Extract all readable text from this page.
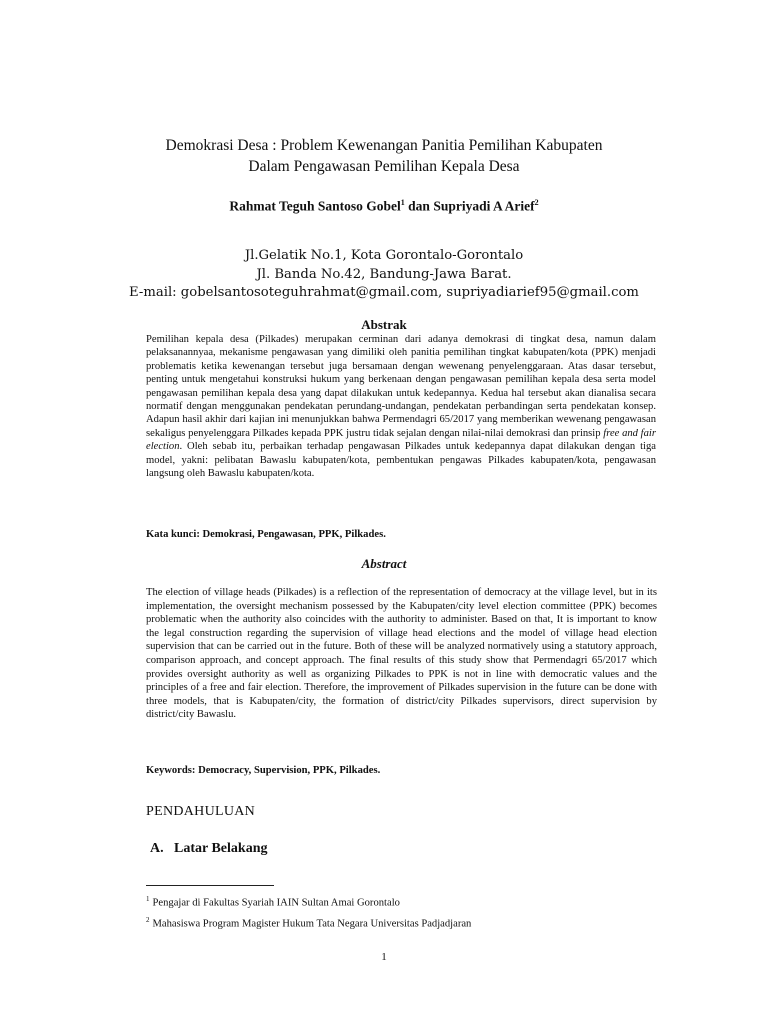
Demokrasi Desa : Problem Kewenangan Panitia Pemilihan Kabupaten
Dalam Pengawasan Pemilihan Kepala Desa
Rahmat Teguh Santoso Gobel$^1$ dan Supriyadi A Arief$^2$
Jl.Gelatik No.1, Kota Gorontalo-Gorontalo
Jl. Banda No.42, Bandung-Jawa Barat.
E-mail: gobelsantosoteguhrahmat@gmail.com, supriyadiarief95@gmail.com
Abstrak
Pemilihan kepala desa (Pilkades) merupakan cerminan dari adanya demokrasi di tingkat desa, namun dalam pelaksanannyaa, mekanisme pengawasan yang dimiliki oleh panitia pemilihan tingkat kabupaten/kota (PPK) menjadi problematis ketika kewenangan tersebut juga bersamaan dengan wewenang penyelenggaraan. Atas dasar tersebut, penting untuk mengetahui konstruksi hukum yang berkenaan dengan pengawasan pemilihan kepala desa serta model pengawasan pemilihan kepala desa yang dapat dilakukan untuk kedepannya. Kedua hal tersebut akan dianalisa secara normatif dengan menggunakan pendekatan perundang-undangan, pendekatan perbandingan serta pendekatan konsep. Adapun hasil akhir dari kajian ini menunjukkan bahwa Permendagri 65/2017 yang memberikan wewenang pengawasan sekaligus penyelenggara Pilkades kepada PPK justru tidak sejalan dengan nilai-nilai demokrasi dan prinsip free and fair election. Oleh sebab itu, perbaikan terhadap pengawasan Pilkades untuk kedepannya dapat dilakukan dengan tiga model, yakni: pelibatan Bawaslu kabupaten/kota, pembentukan pengawas Pilkades kabupaten/kota, pengawasan langsung oleh Bawaslu kabupaten/kota.
Kata kunci: Demokrasi, Pengawasan, PPK, Pilkades.
Abstract
The election of village heads (Pilkades) is a reflection of the representation of democracy at the village level, but in its implementation, the oversight mechanism possessed by the Kabupaten/city level election committee (PPK) becomes problematic when the authority also coincides with the authority to administer. Based on that, It is important to know the legal construction regarding the supervision of village head elections and the model of village head election supervision that can be carried out in the future. Both of these will be analyzed normatively using a statutory approach, comparison approach, and concept approach. The final results of this study show that Permendagri 65/2017 which provides oversight authority as well as organizing Pilkades to PPK is not in line with democratic values and the principles of a free and fair election. Therefore, the improvement of Pilkades supervision in the future can be done with three models, that is Kabupaten/city, the formation of district/city Pilkades supervisors, direct supervision by district/city Bawaslu.
Keywords: Democracy, Supervision, PPK, Pilkades.
PENDAHULUAN
A. Latar Belakang
$^1$ Pengajar di Fakultas Syariah IAIN Sultan Amai Gorontalo
$^2$ Mahasiswa Program Magister Hukum Tata Negara Universitas Padjadjaran
1
